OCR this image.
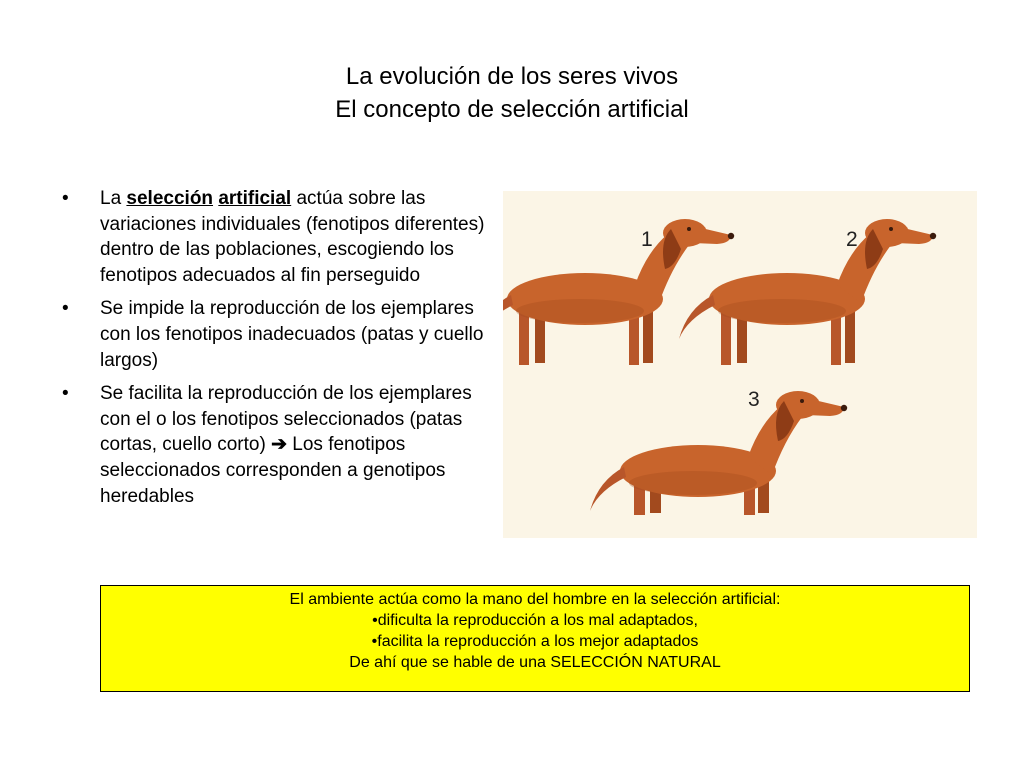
La evolución de los seres vivos
El concepto de selección artificial
• La selección artificial actúa sobre las variaciones individuales (fenotipos diferentes) dentro de las poblaciones, escogiendo los fenotipos adecuados al fin perseguido
• Se impide la reproducción de los ejemplares con los fenotipos inadecuados (patas y cuello largos)
• Se facilita la reproducción de los ejemplares con el o los fenotipos seleccionados (patas cortas, cuello corto) ➔ Los fenotipos seleccionados corresponden a genotipos heredables
1	2
3
El ambiente actúa como la mano del hombre en la selección artificial:
•dificulta la reproducción a los mal adaptados,
•facilita la reproducción a los mejor adaptados
De ahí que se hable de una SELECCIÓN NATURAL
